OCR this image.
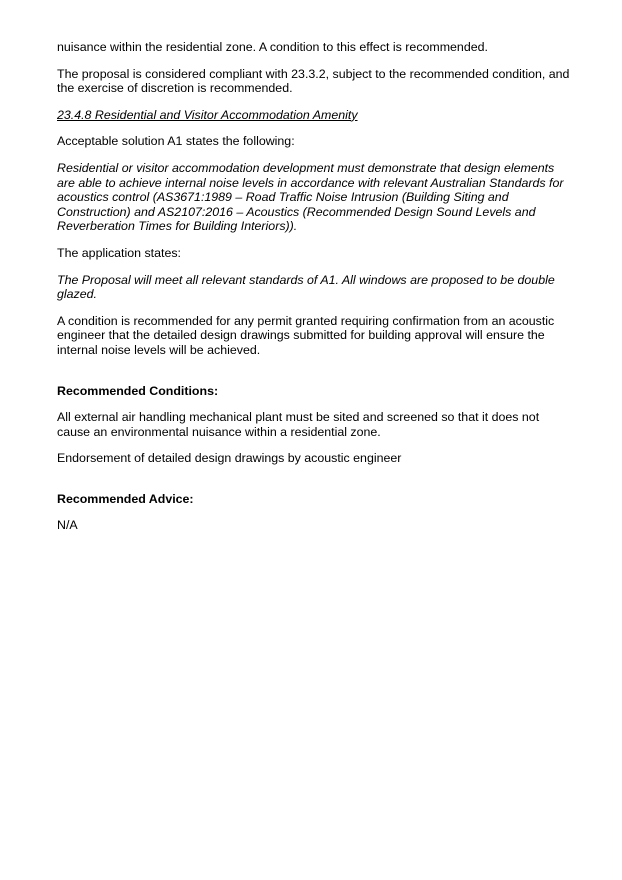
nuisance within the residential zone. A condition to this effect is recommended.

The proposal is considered compliant with 23.3.2, subject to the recommended condition, and the exercise of discretion is recommended.

23.4.8 Residential and Visitor Accommodation Amenity

Acceptable solution A1 states the following:

Residential or visitor accommodation development must demonstrate that design elements are able to achieve internal noise levels in accordance with relevant Australian Standards for acoustics control (AS3671:1989 – Road Traffic Noise Intrusion (Building Siting and Construction) and AS2107:2016 – Acoustics (Recommended Design Sound Levels and Reverberation Times for Building Interiors)).

The application states:

The Proposal will meet all relevant standards of A1. All windows are proposed to be double glazed.

A condition is recommended for any permit granted requiring confirmation from an acoustic engineer that the detailed design drawings submitted for building approval will ensure the internal noise levels will be achieved.

Recommended Conditions:

All external air handling mechanical plant must be sited and screened so that it does not cause an environmental nuisance within a residential zone.

Endorsement of detailed design drawings by acoustic engineer

Recommended Advice:

N/A
